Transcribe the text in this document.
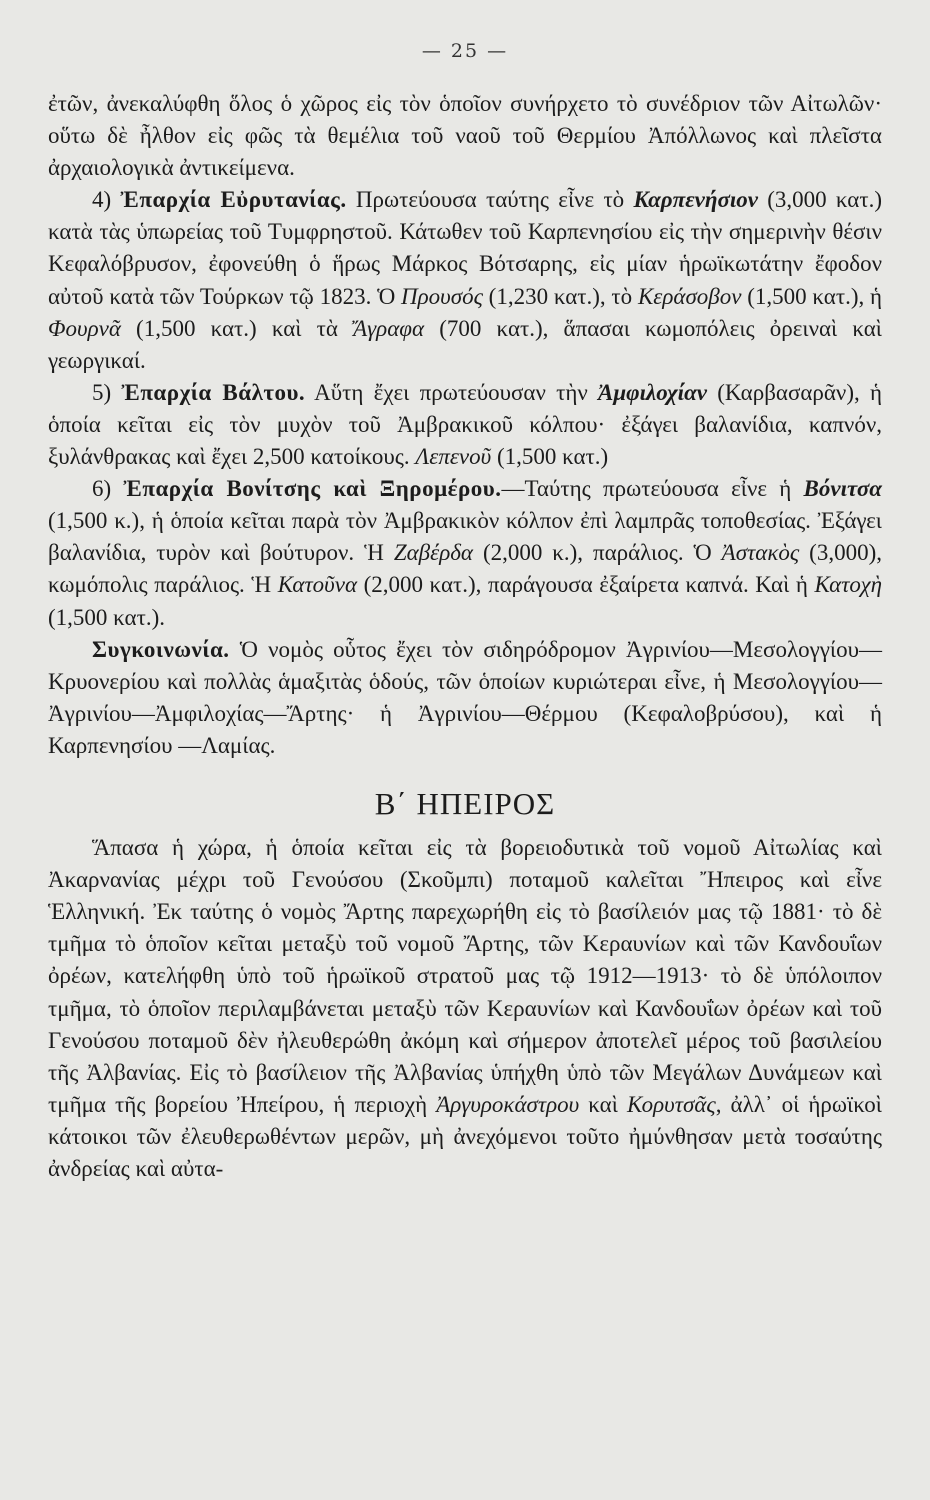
— 25 —

ἐτῶν, ἀνεκαλύφθη ὅλος ὁ χῶρος εἰς τὸν ὁποῖον συνήρχετο τὸ συνέδριον τῶν Αἰτωλῶν· οὕτω δὲ ἦλθον εἰς φῶς τὰ θεμέλια τοῦ ναοῦ τοῦ Θερμίου Ἀπόλλωνος καὶ πλεῖστα ἀρχαιολογικὰ ἀντικείμενα.

4) Ἐπαρχία Εὐρυτανίας. Πρωτεύουσα ταύτης εἶνε τὸ Καρπενήσιον (3,000 κατ.) κατὰ τὰς ὑπωρείας τοῦ Τυμφρηστοῦ. Κάτωθεν τοῦ Καρπενησίου εἰς τὴν σημερινὴν θέσιν Κεφαλόβρυσον, ἐφονεύθη ὁ ἥρως Μάρκος Βότσαρης, εἰς μίαν ἡρωϊκωτάτην ἔφοδον αὐτοῦ κατὰ τῶν Τούρκων τῷ 1823. Ὁ Προυσός (1,230 κατ.), τὸ Κεράσοβον (1,500 κατ.), ἡ Φουρνᾶ (1,500 κατ.) καὶ τὰ Ἄγραφα (700 κατ.), ἅπασαι κωμοπόλεις ὀρειναὶ καὶ γεωργικαί.

5) Ἐπαρχία Βάλτου. Αὕτη ἔχει πρωτεύουσαν τὴν Ἀμφιλοχίαν (Καρβασαρᾶν), ἡ ὁποία κεῖται εἰς τὸν μυχὸν τοῦ Ἀμβρακικοῦ κόλπου· ἐξάγει βαλανίδια, καπνόν, ξυλάνθρακας καὶ ἔχει 2,500 κατοίκους. Λεπενοῦ (1,500 κατ.)

6) Ἐπαρχία Βονίτσης καὶ Ξηρομέρου.—Ταύτης πρωτεύουσα εἶνε ἡ Βόνιτσα (1,500 κ.), ἡ ὁποία κεῖται παρὰ τὸν Ἀμβρακικὸν κόλπον ἐπὶ λαμπρᾶς τοποθεσίας. Ἐξάγει βαλανίδια, τυρὸν καὶ βούτυρον. Ἡ Ζαβέρδα (2,000 κ.), παράλιος. Ὁ Ἀστακὸς (3,000), κωμόπολις παράλιος. Ἡ Κατοῦνα (2,000 κατ.), παράγουσα ἐξαίρετα καπνά. Καὶ ἡ Κατοχὴ (1,500 κατ.).

Συγκοινωνία. Ὁ νομὸς οὗτος ἔχει τὸν σιδηρόδρομον Ἀγρινίου—Μεσολογγίου—Κρυονερίου καὶ πολλὰς ἁμαξιτὰς ὁδούς, τῶν ὁποίων κυριώτεραι εἶνε, ἡ Μεσολογγίου—Ἀγρινίου—Ἀμφιλοχίας—Ἄρτης· ἡ Ἀγρινίου—Θέρμου (Κεφαλοβρύσου), καὶ ἡ Καρπενησίου —Λαμίας.

Β΄ ΗΠΕΙΡΟΣ

Ἅπασα ἡ χώρα, ἡ ὁποία κεῖται εἰς τὰ βορειοδυτικὰ τοῦ νομοῦ Αἰτωλίας καὶ Ἀκαρνανίας μέχρι τοῦ Γενούσου (Σκοῦμπι) ποταμοῦ καλεῖται Ἤπειρος καὶ εἶνε Ἑλληνική. Ἐκ ταύτης ὁ νομὸς Ἄρτης παρεχωρήθη εἰς τὸ βασίλειόν μας τῷ 1881· τὸ δὲ τμῆμα τὸ ὁποῖον κεῖται μεταξὺ τοῦ νομοῦ Ἄρτης, τῶν Κεραυνίων καὶ τῶν Κανδουΐων ὀρέων, κατελήφθη ὑπὸ τοῦ ἡρωϊκοῦ στρατοῦ μας τῷ 1912—1913· τὸ δὲ ὑπόλοιπον τμῆμα, τὸ ὁποῖον περιλαμβάνεται μεταξὺ τῶν Κεραυνίων καὶ Κανδουΐων ὀρέων καὶ τοῦ Γενούσου ποταμοῦ δὲν ἠλευθερώθη ἀκόμη καὶ σήμερον ἀποτελεῖ μέρος τοῦ βασιλείου τῆς Ἀλβανίας. Εἰς τὸ βασίλειον τῆς Ἀλβανίας ὑπήχθη ὑπὸ τῶν Μεγάλων Δυνάμεων καὶ τμῆμα τῆς βορείου Ἠπείρου, ἡ περιοχὴ Ἀργυροκάστρου καὶ Κορυτσᾶς, ἀλλ᾽ οἱ ἡρωϊκοὶ κάτοικοι τῶν ἐλευθερωθέντων μερῶν, μὴ ἀνεχόμενοι τοῦτο ἠμύνθησαν μετὰ τοσαύτης ἀνδρείας καὶ αὐτα-
